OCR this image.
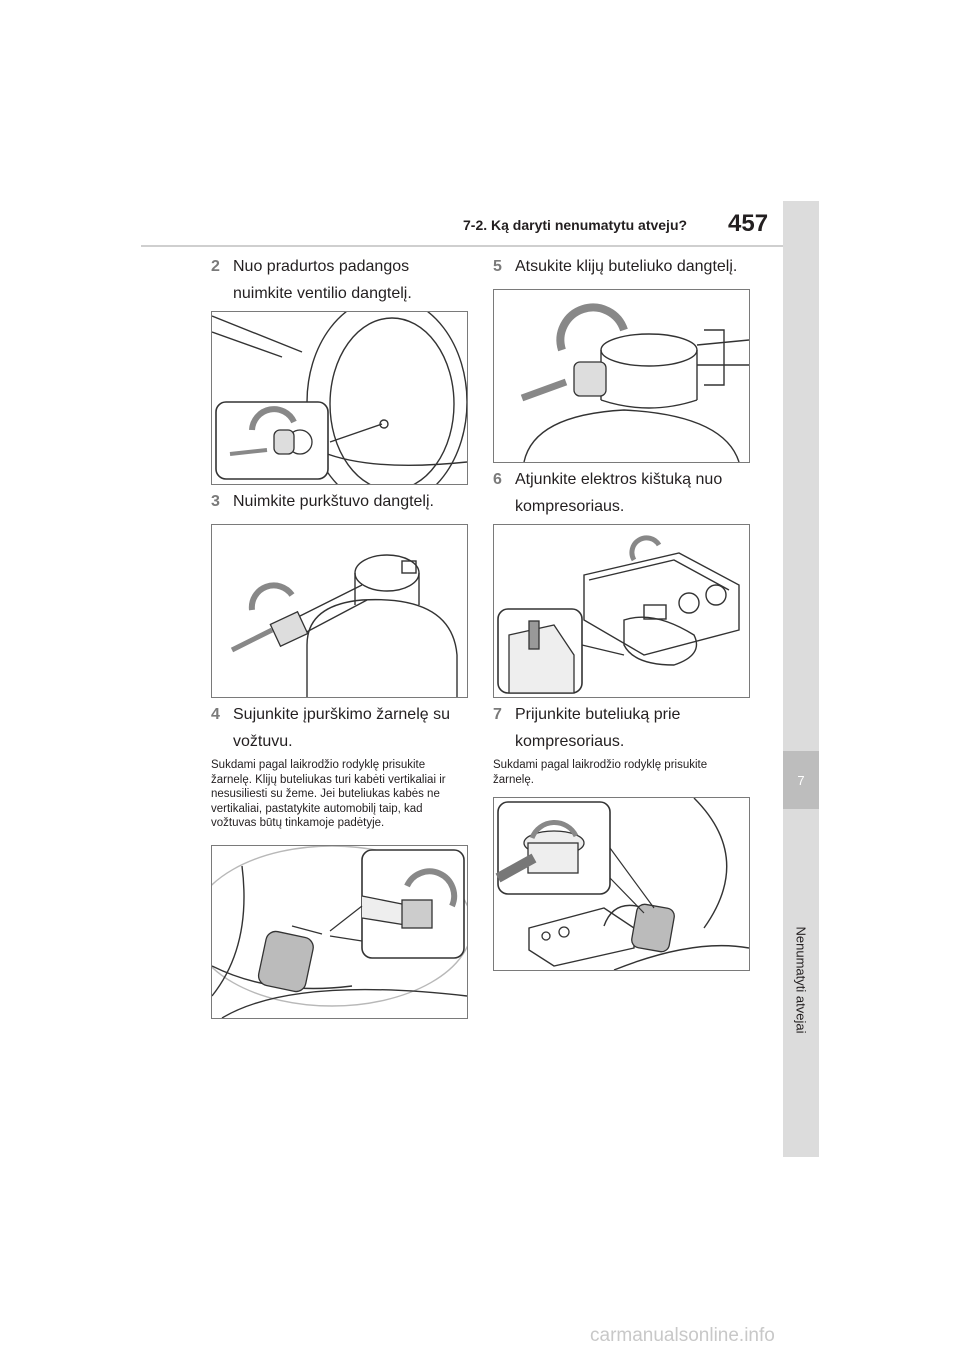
7-2. Ką daryti nenumatytu atveju? 457
7
Nenumatyti atvejai
2 Nuo pradurtos padangos nuimkite ventilio dangtelį.
3 Nuimkite purkštuvo dangtelį.
4 Sujunkite įpurškimo žarnelę su vožtuvu.
Sukdami pagal laikrodžio rodyklę prisukite žarnelę. Klijų buteliukas turi kabėti vertikaliai ir nesusiliesti su žeme. Jei buteliukas kabės ne vertikaliai, pastatykite automobilį taip, kad vožtuvas būtų tinkamoje padėtyje.
5 Atsukite klijų buteliuko dangtelį.
6 Atjunkite elektros kištuką nuo kompresoriaus.
7 Prijunkite buteliuką prie kompresoriaus.
Sukdami pagal laikrodžio rodyklę prisukite žarnelę.
carmanualsonline.info
